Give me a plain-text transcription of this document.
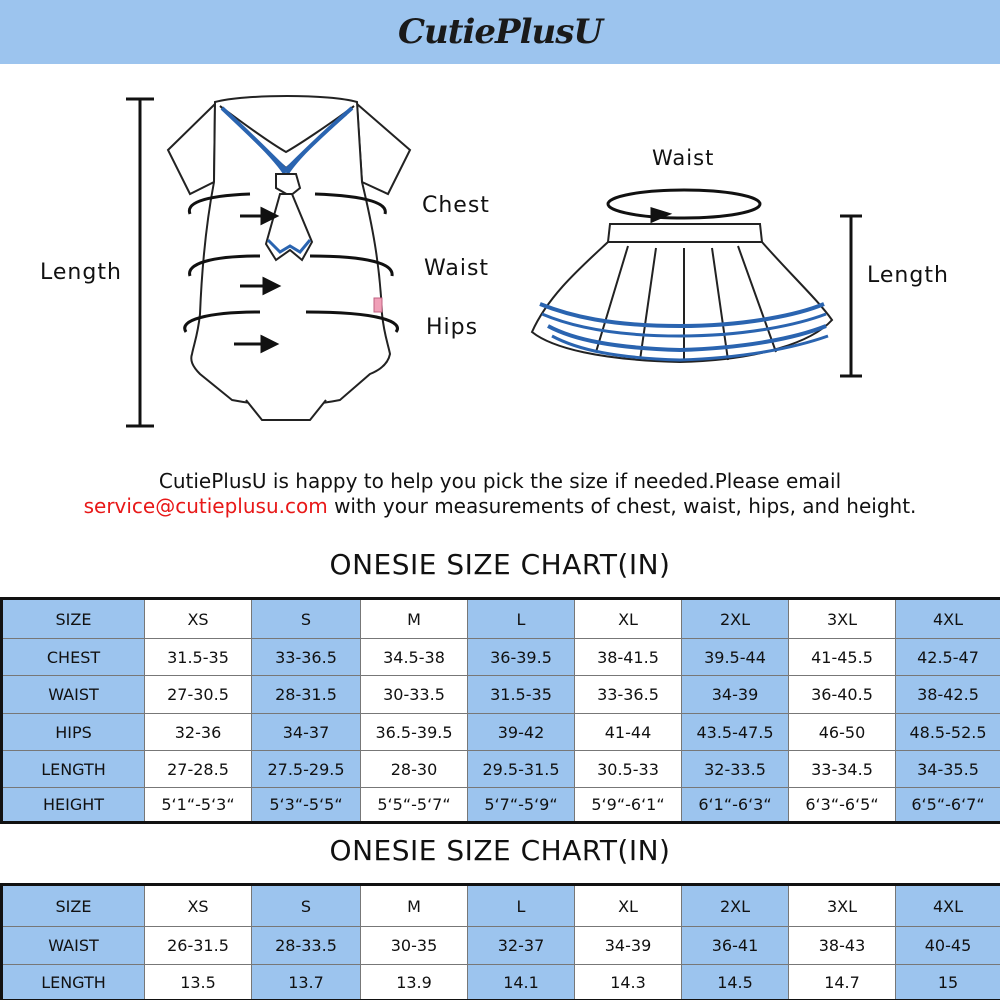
CutiePlusU
Length
Chest
Waist
Hips
Waist
Length
CutiePlusU is happy to help you pick the size if needed.Please email
service@cutieplusu.com with your measurements of chest, waist, hips, and height.
ONESIE SIZE CHART(IN)
SIZE	XS	S	M	L	XL	2XL	3XL	4XL
CHEST	31.5-35	33-36.5	34.5-38	36-39.5	38-41.5	39.5-44	41-45.5	42.5-47
WAIST	27-30.5	28-31.5	30-33.5	31.5-35	33-36.5	34-39	36-40.5	38-42.5
HIPS	32-36	34-37	36.5-39.5	39-42	41-44	43.5-47.5	46-50	48.5-52.5
LENGTH	27-28.5	27.5-29.5	28-30	29.5-31.5	30.5-33	32-33.5	33-34.5	34-35.5
HEIGHT	5‘1“-5‘3“	5‘3“-5‘5“	5‘5“-5‘7“	5‘7“-5‘9“	5‘9“-6‘1“	6‘1“-6‘3“	6‘3“-6‘5“	6‘5“-6‘7“
ONESIE SIZE CHART(IN)
SIZE	XS	S	M	L	XL	2XL	3XL	4XL
WAIST	26-31.5	28-33.5	30-35	32-37	34-39	36-41	38-43	40-45
LENGTH	13.5	13.7	13.9	14.1	14.3	14.5	14.7	15
